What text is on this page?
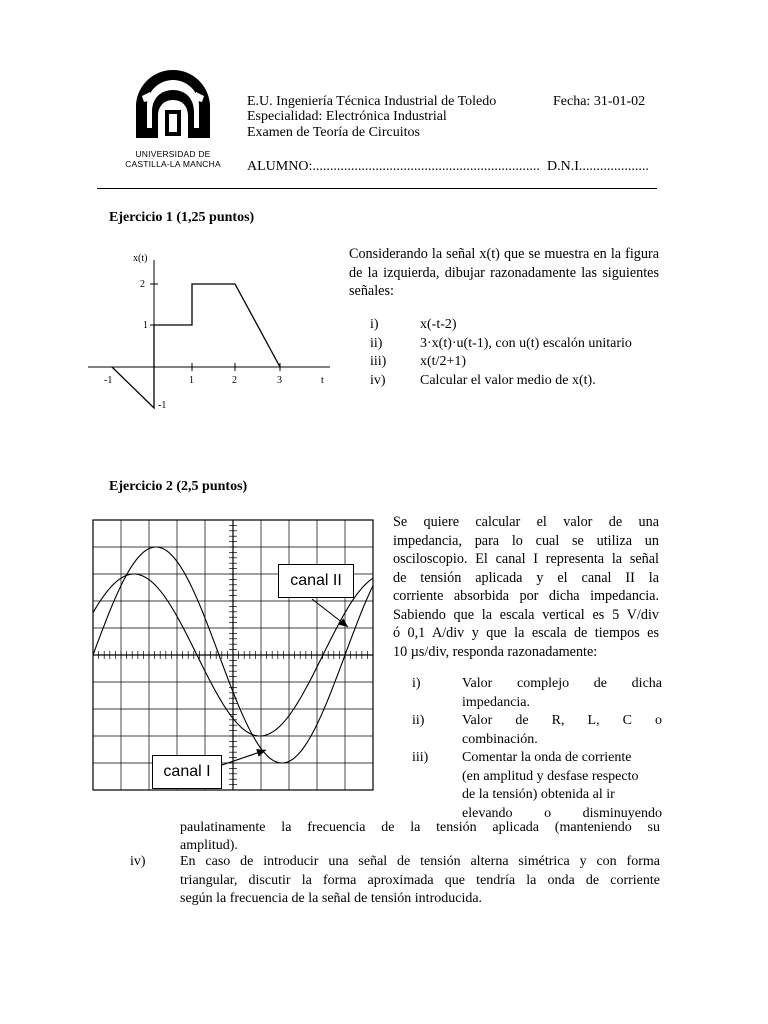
UNIVERSIDAD DE
CASTILLA-LA MANCHA
E.U. Ingeniería Técnica Industrial de Toledo	Fecha: 31-01-02
Especialidad: Electrónica Industrial
Examen de Teoría de Circuitos
ALUMNO:................................................................. D.N.I....................
Ejercicio 1 (1,25 puntos)
x(t)
2
1
-1
-1	1	2	3	t
Considerando la señal x(t) que se muestra en la figura de la izquierda, dibujar razonadamente las siguientes señales:
i)	x(-t-2)
ii)	3·x(t)·u(t-1), con u(t) escalón unitario
iii) x(t/2+1)
iv) Calcular el valor medio de x(t).
Ejercicio 2 (2,5 puntos)
canal II
canal I
Se quiere calcular el valor de una
impedancia, para lo cual se utiliza un
osciloscopio. El canal I representa la señal
de tensión aplicada y el canal II la
corriente absorbida por dicha impedancia.
Sabiendo que la escala vertical es 5 V/div
ó 0,1 A/div y que la escala de tiempos es
10 µs/div, responda razonadamente:
i)	Valor complejo de dicha
impedancia.
ii)	Valor de R, L, C o
combinación.
iii)	Comentar la onda de corriente
(en amplitud y desfase respecto
de la tensión) obtenida al ir
elevando o disminuyendo
paulatinamente la frecuencia de la tensión aplicada (manteniendo su
amplitud).
iv)	En caso de introducir una señal de tensión alterna simétrica y con forma
triangular, discutir la forma aproximada que tendría la onda de corriente
según la frecuencia de la señal de tensión introducida.
